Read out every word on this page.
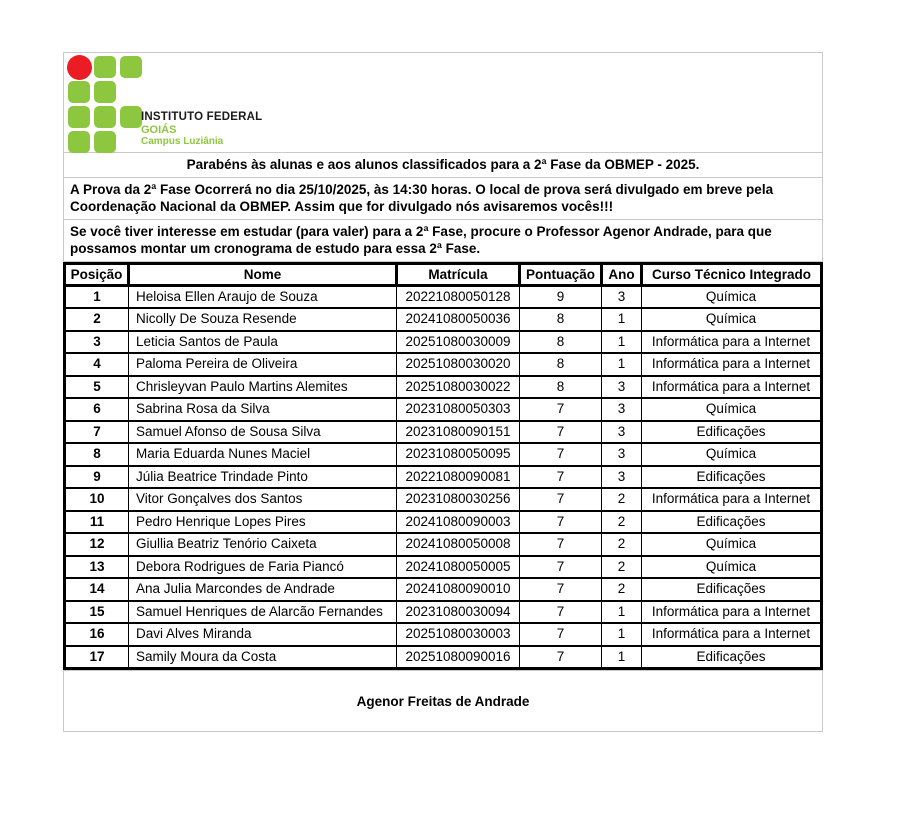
INSTITUTO FEDERAL
GOIÁS
Campus Luziânia
Parabéns às alunas e aos alunos classificados para a 2ª Fase da OBMEP - 2025.
A Prova da 2ª Fase Ocorrerá no dia 25/10/2025, às 14:30 horas. O local de prova será divulgado em breve pela Coordenação Nacional da OBMEP. Assim que for divulgado nós avisaremos vocês!!!
Se você tiver interesse em estudar (para valer) para a 2ª Fase, procure o Professor Agenor Andrade, para que possamos montar um cronograma de estudo para essa 2ª Fase.
Posição	Nome	Matrícula	Pontuação	Ano	Curso Técnico Integrado
1	Heloisa Ellen Araujo de Souza	20221080050128	9	3	Química
2	Nicolly De Souza Resende	20241080050036	8	1	Química
3	Leticia Santos de Paula	20251080030009	8	1	Informática para a Internet
4	Paloma Pereira de Oliveira	20251080030020	8	1	Informática para a Internet
5	Chrisleyvan Paulo Martins Alemites	20251080030022	8	3	Informática para a Internet
6	Sabrina Rosa da Silva	20231080050303	7	3	Química
7	Samuel Afonso de Sousa Silva	20231080090151	7	3	Edificações
8	Maria Eduarda Nunes Maciel	20231080050095	7	3	Química
9	Júlia Beatrice Trindade Pinto	20221080090081	7	3	Edificações
10	Vitor Gonçalves dos Santos	20231080030256	7	2	Informática para a Internet
11	Pedro Henrique Lopes Pires	20241080090003	7	2	Edificações
12	Giullia Beatriz Tenório Caixeta	20241080050008	7	2	Química
13	Debora Rodrigues de Faria Piancó	20241080050005	7	2	Química
14	Ana Julia Marcondes de Andrade	20241080090010	7	2	Edificações
15	Samuel Henriques de Alarcão Fernandes	20231080030094	7	1	Informática para a Internet
16	Davi Alves Miranda	20251080030003	7	1	Informática para a Internet
17	Samily Moura da Costa	20251080090016	7	1	Edificações
Agenor Freitas de Andrade
